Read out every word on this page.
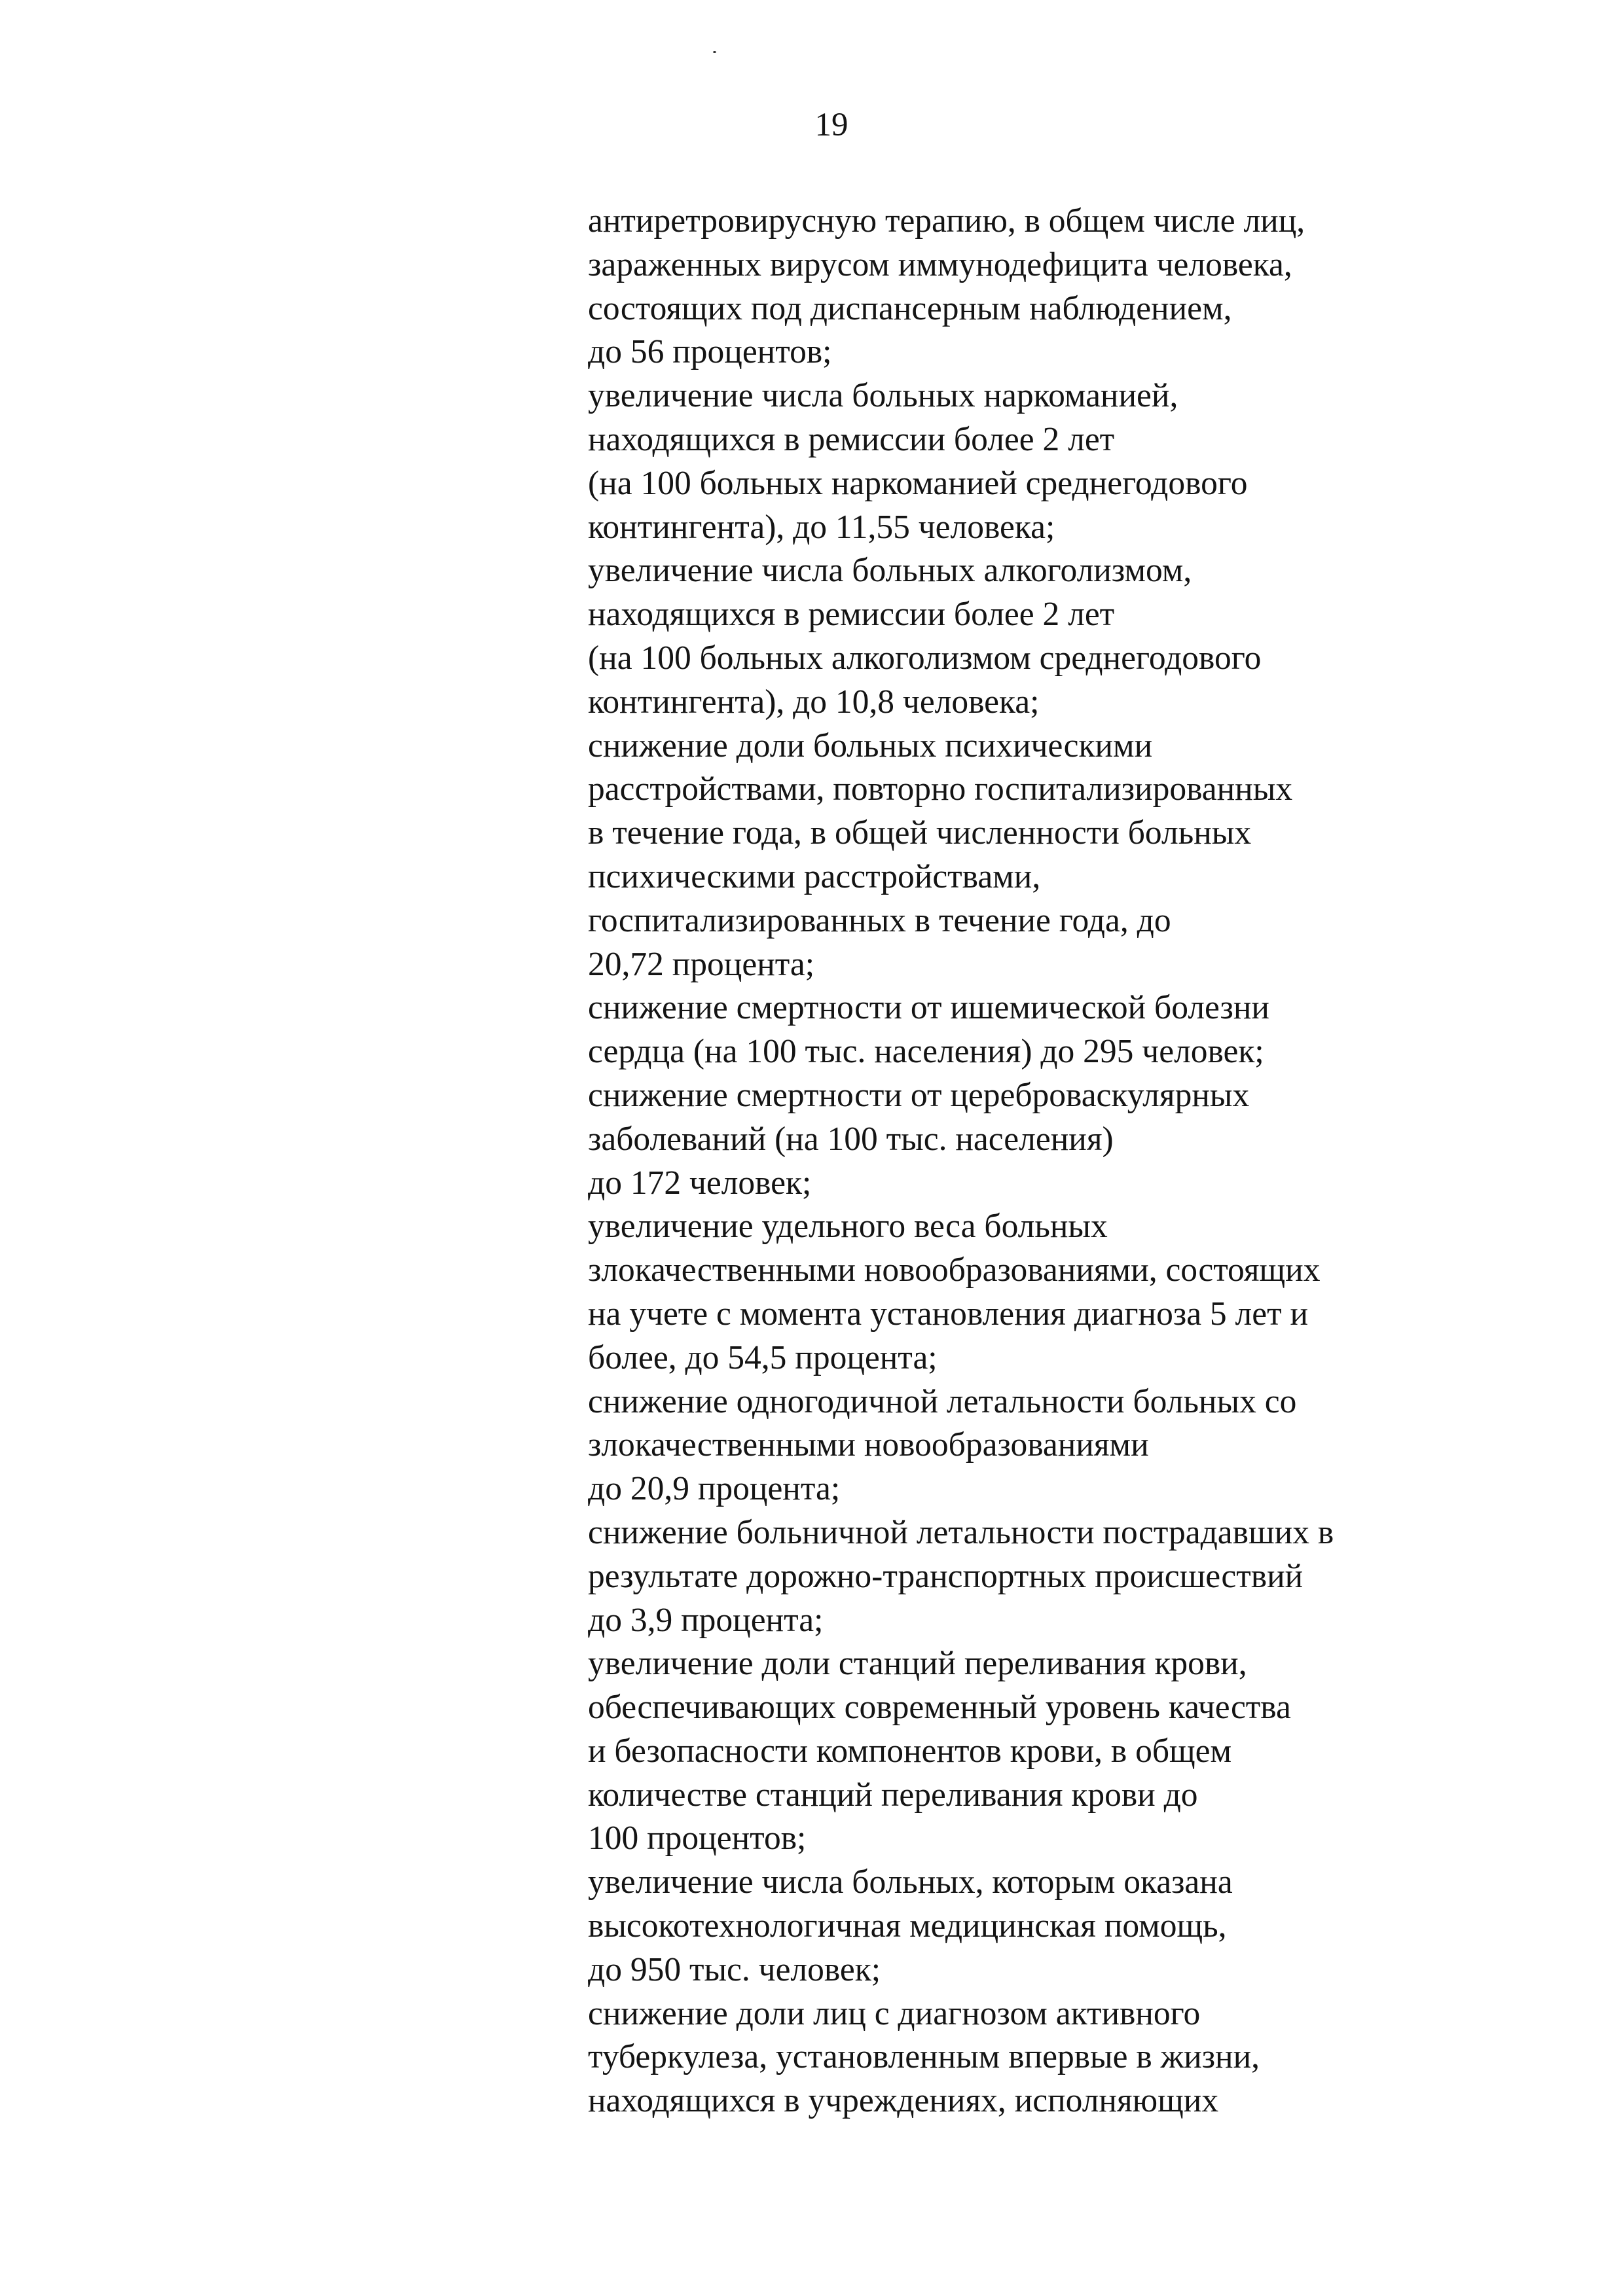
19
антиретровирусную терапию, в общем числе лиц,
зараженных вирусом иммунодефицита человека,
состоящих под диспансерным наблюдением,
до 56 процентов;
увеличение числа больных наркоманией,
находящихся в ремиссии более 2 лет
(на 100 больных наркоманией среднегодового
контингента), до 11,55 человека;
увеличение числа больных алкоголизмом,
находящихся в ремиссии более 2 лет
(на 100 больных алкоголизмом среднегодового
контингента), до 10,8 человека;
снижение доли больных психическими
расстройствами, повторно госпитализированных
в течение года, в общей численности больных
психическими расстройствами,
госпитализированных в течение года, до
20,72 процента;
снижение смертности от ишемической болезни
сердца (на 100 тыс. населения) до 295 человек;
снижение смертности от цереброваскулярных
заболеваний (на 100 тыс. населения)
до 172 человек;
увеличение удельного веса больных
злокачественными новообразованиями, состоящих
на учете с момента установления диагноза 5 лет и
более, до 54,5 процента;
снижение одногодичной летальности больных со
злокачественными новообразованиями
до 20,9 процента;
снижение больничной летальности пострадавших в
результате дорожно-транспортных происшествий
до 3,9 процента;
увеличение доли станций переливания крови,
обеспечивающих современный уровень качества
и безопасности компонентов крови, в общем
количестве станций переливания крови до
100 процентов;
увеличение числа больных, которым оказана
высокотехнологичная медицинская помощь,
до 950 тыс. человек;
снижение доли лиц с диагнозом активного
туберкулеза, установленным впервые в жизни,
находящихся в учреждениях, исполняющих
